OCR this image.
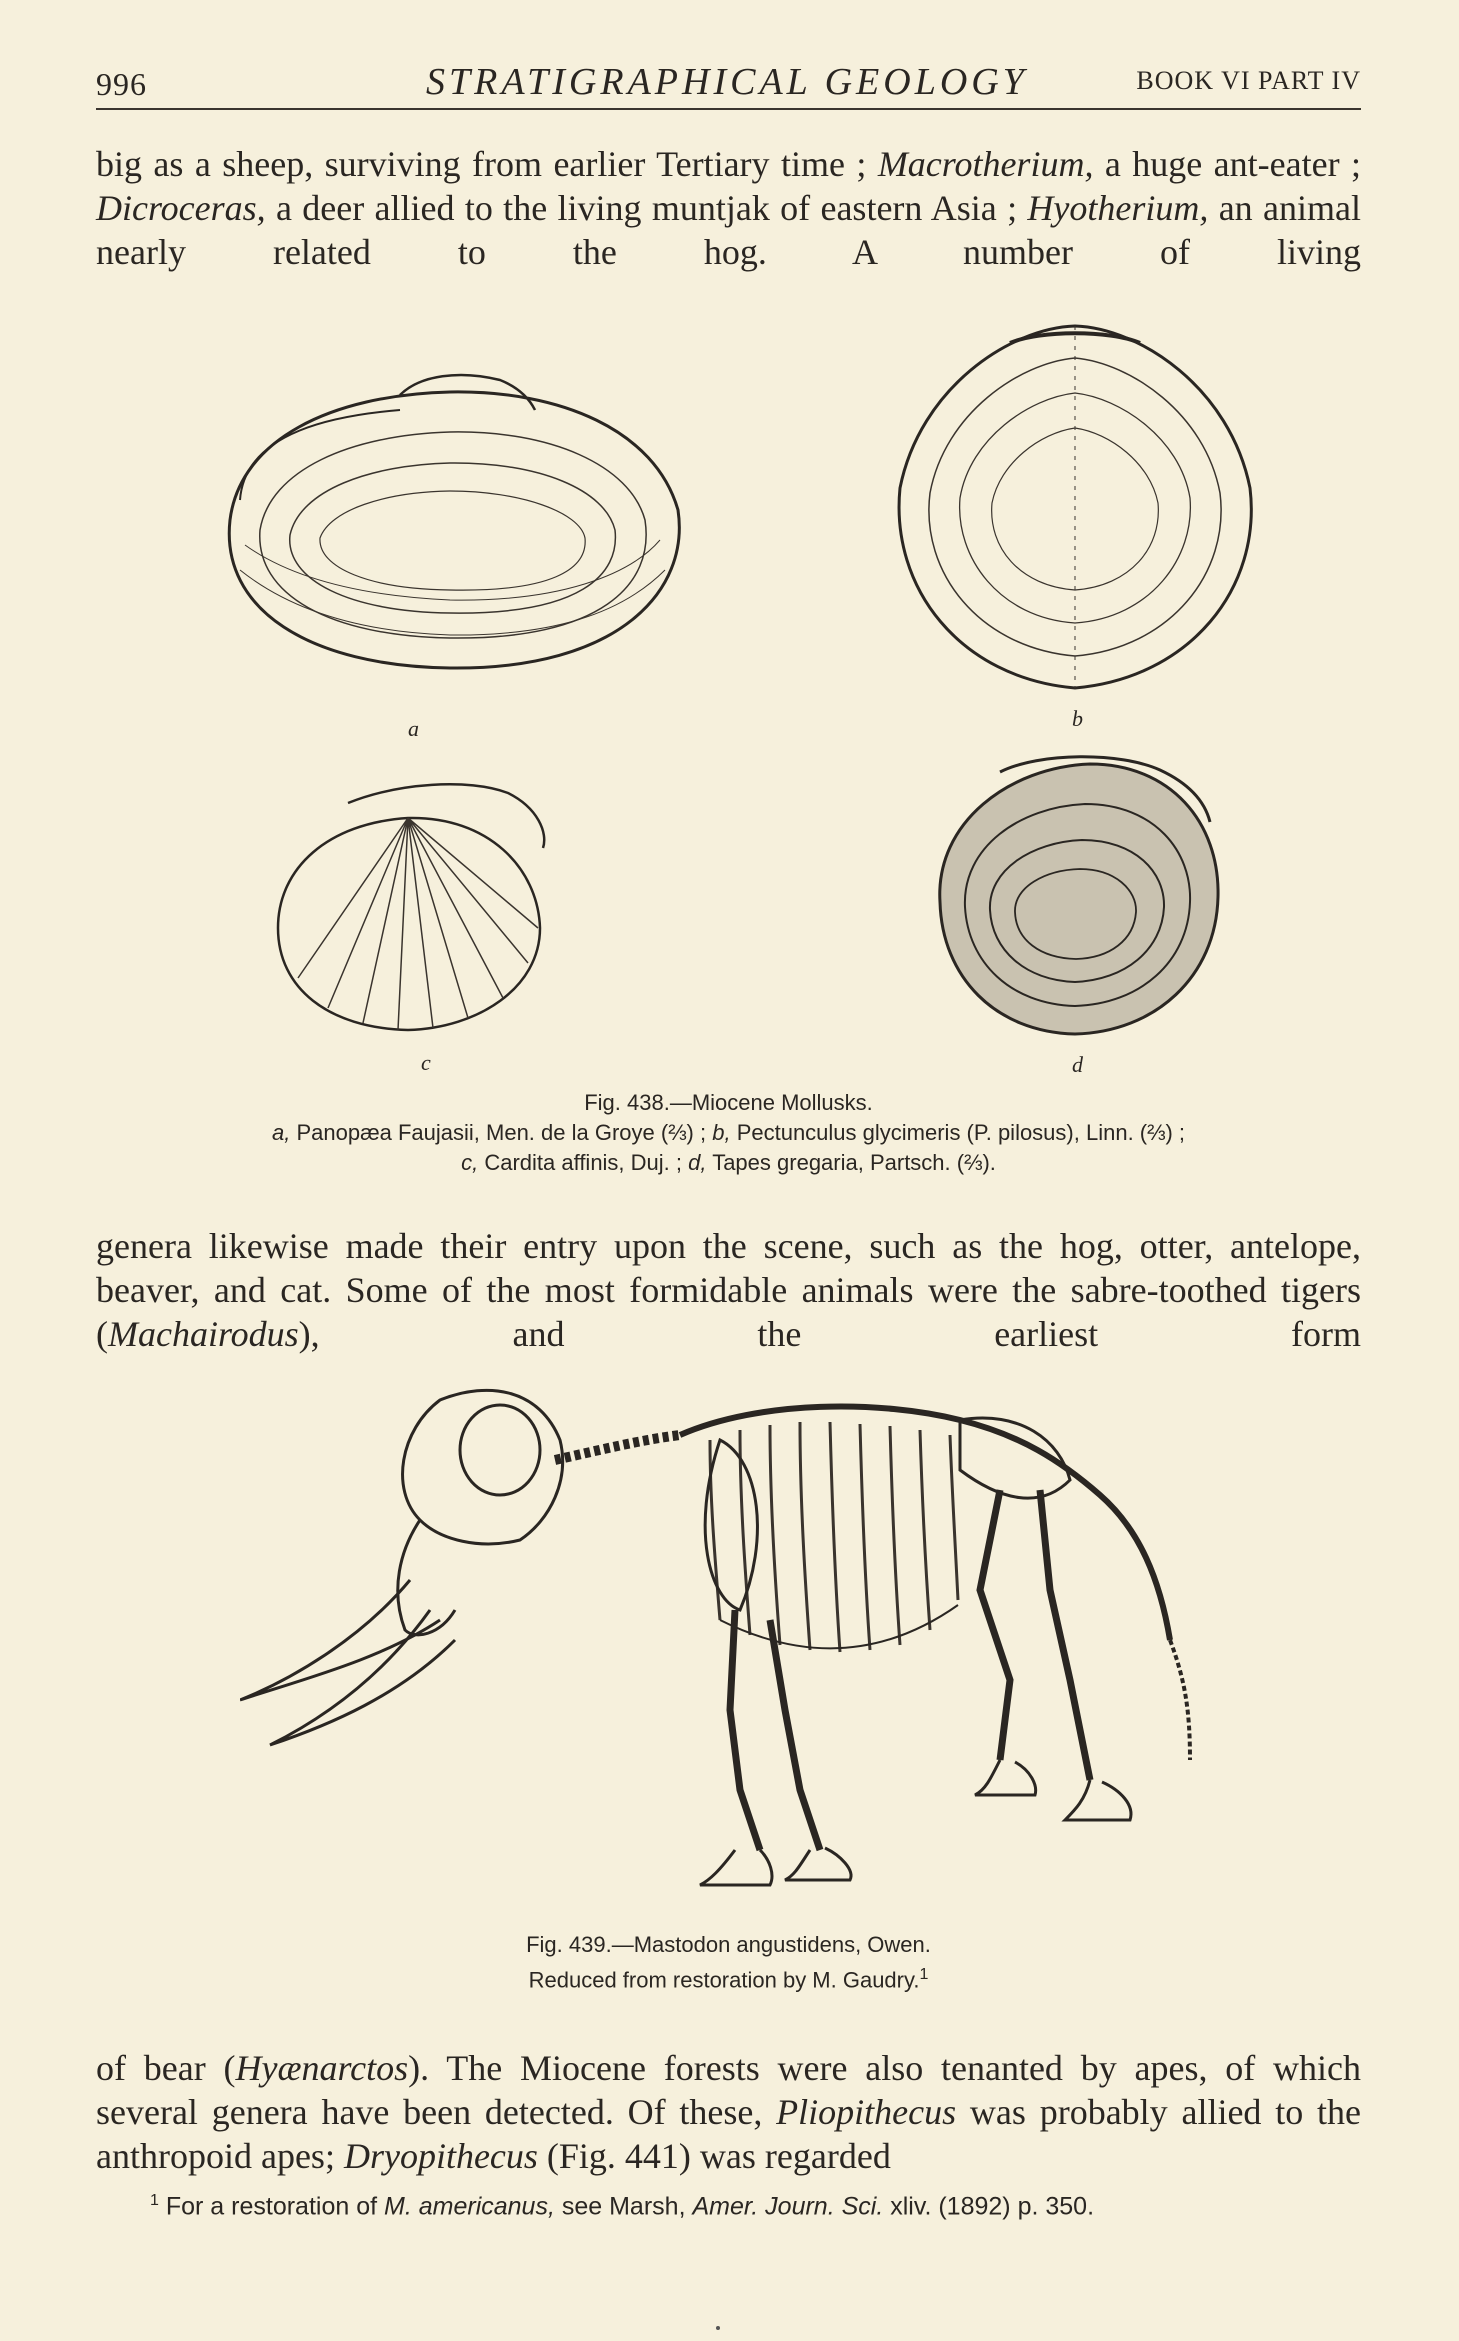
996	STRATIGRAPHICAL GEOLOGY	BOOK VI PART IV

big as a sheep, surviving from earlier Tertiary time ; Macrotherium, a huge ant-eater ; Dicroceras, a deer allied to the living muntjak of eastern Asia ; Hyotherium, an animal nearly related to the hog. A number of living

a	b
c	d
Fig. 438.—Miocene Mollusks.
a, Panopæa Faujasii, Men. de la Groye (⅔) ; b, Pectunculus glycimeris (P. pilosus), Linn. (⅔) ;
c, Cardita affinis, Duj. ; d, Tapes gregaria, Partsch. (⅔).

genera likewise made their entry upon the scene, such as the hog, otter, antelope, beaver, and cat. Some of the most formidable animals were the sabre-toothed tigers (Machairodus), and the earliest form

Fig. 439.—Mastodon angustidens, Owen.
Reduced from restoration by M. Gaudry.$^1$

of bear (Hyænarctos). The Miocene forests were also tenanted by apes, of which several genera have been detected. Of these, Pliopithecus was probably allied to the anthropoid apes; Dryopithecus (Fig. 441) was regarded

$^1$ For a restoration of M. americanus, see Marsh, Amer. Journ. Sci. xliv. (1892) p. 350.
